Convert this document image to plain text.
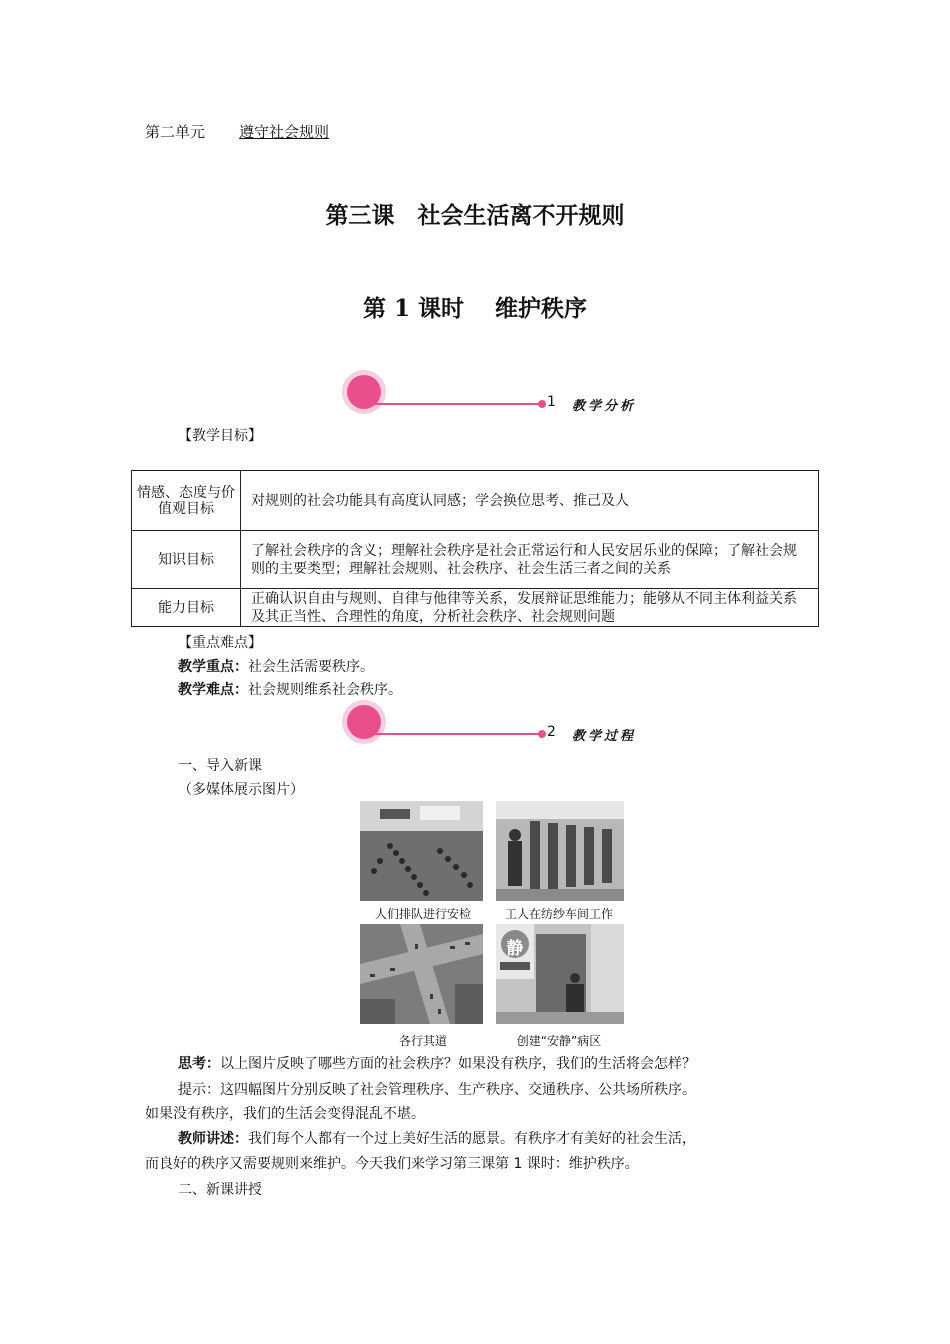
第二单元 遵守社会规则
第三课　社会生活离不开规则
第 1 课时　 维护秩序
1 教学分析
【教学目标】
情感、态度与价值观目标	对规则的社会功能具有高度认同感；学会换位思考、推己及人
知识目标	了解社会秩序的含义；理解社会秩序是社会正常运行和人民安居乐业的保障；了解社会规则的主要类型；理解社会规则、社会秩序、社会生活三者之间的关系
能力目标	正确认识自由与规则、自律与他律等关系，发展辩证思维能力；能够从不同主体利益关系及其正当性、合理性的角度，分析社会秩序、社会规则问题
【重点难点】
教学重点：社会生活需要秩序。
教学难点：社会规则维系社会秩序。
2 教学过程
一、导入新课
（多媒体展示图片）
人们排队进行安检	工人在纺纱车间工作
各行其道
静
创建“安静”病区
思考：以上图片反映了哪些方面的社会秩序？如果没有秩序，我们的生活将会怎样？
提示：这四幅图片分别反映了社会管理秩序、生产秩序、交通秩序、公共场所秩序。
如果没有秩序，我们的生活会变得混乱不堪。
教师讲述：我们每个人都有一个过上美好生活的愿景。有秩序才有美好的社会生活，
而良好的秩序又需要规则来维护。今天我们来学习第三课第 1 课时：维护秩序。
二、新课讲授
